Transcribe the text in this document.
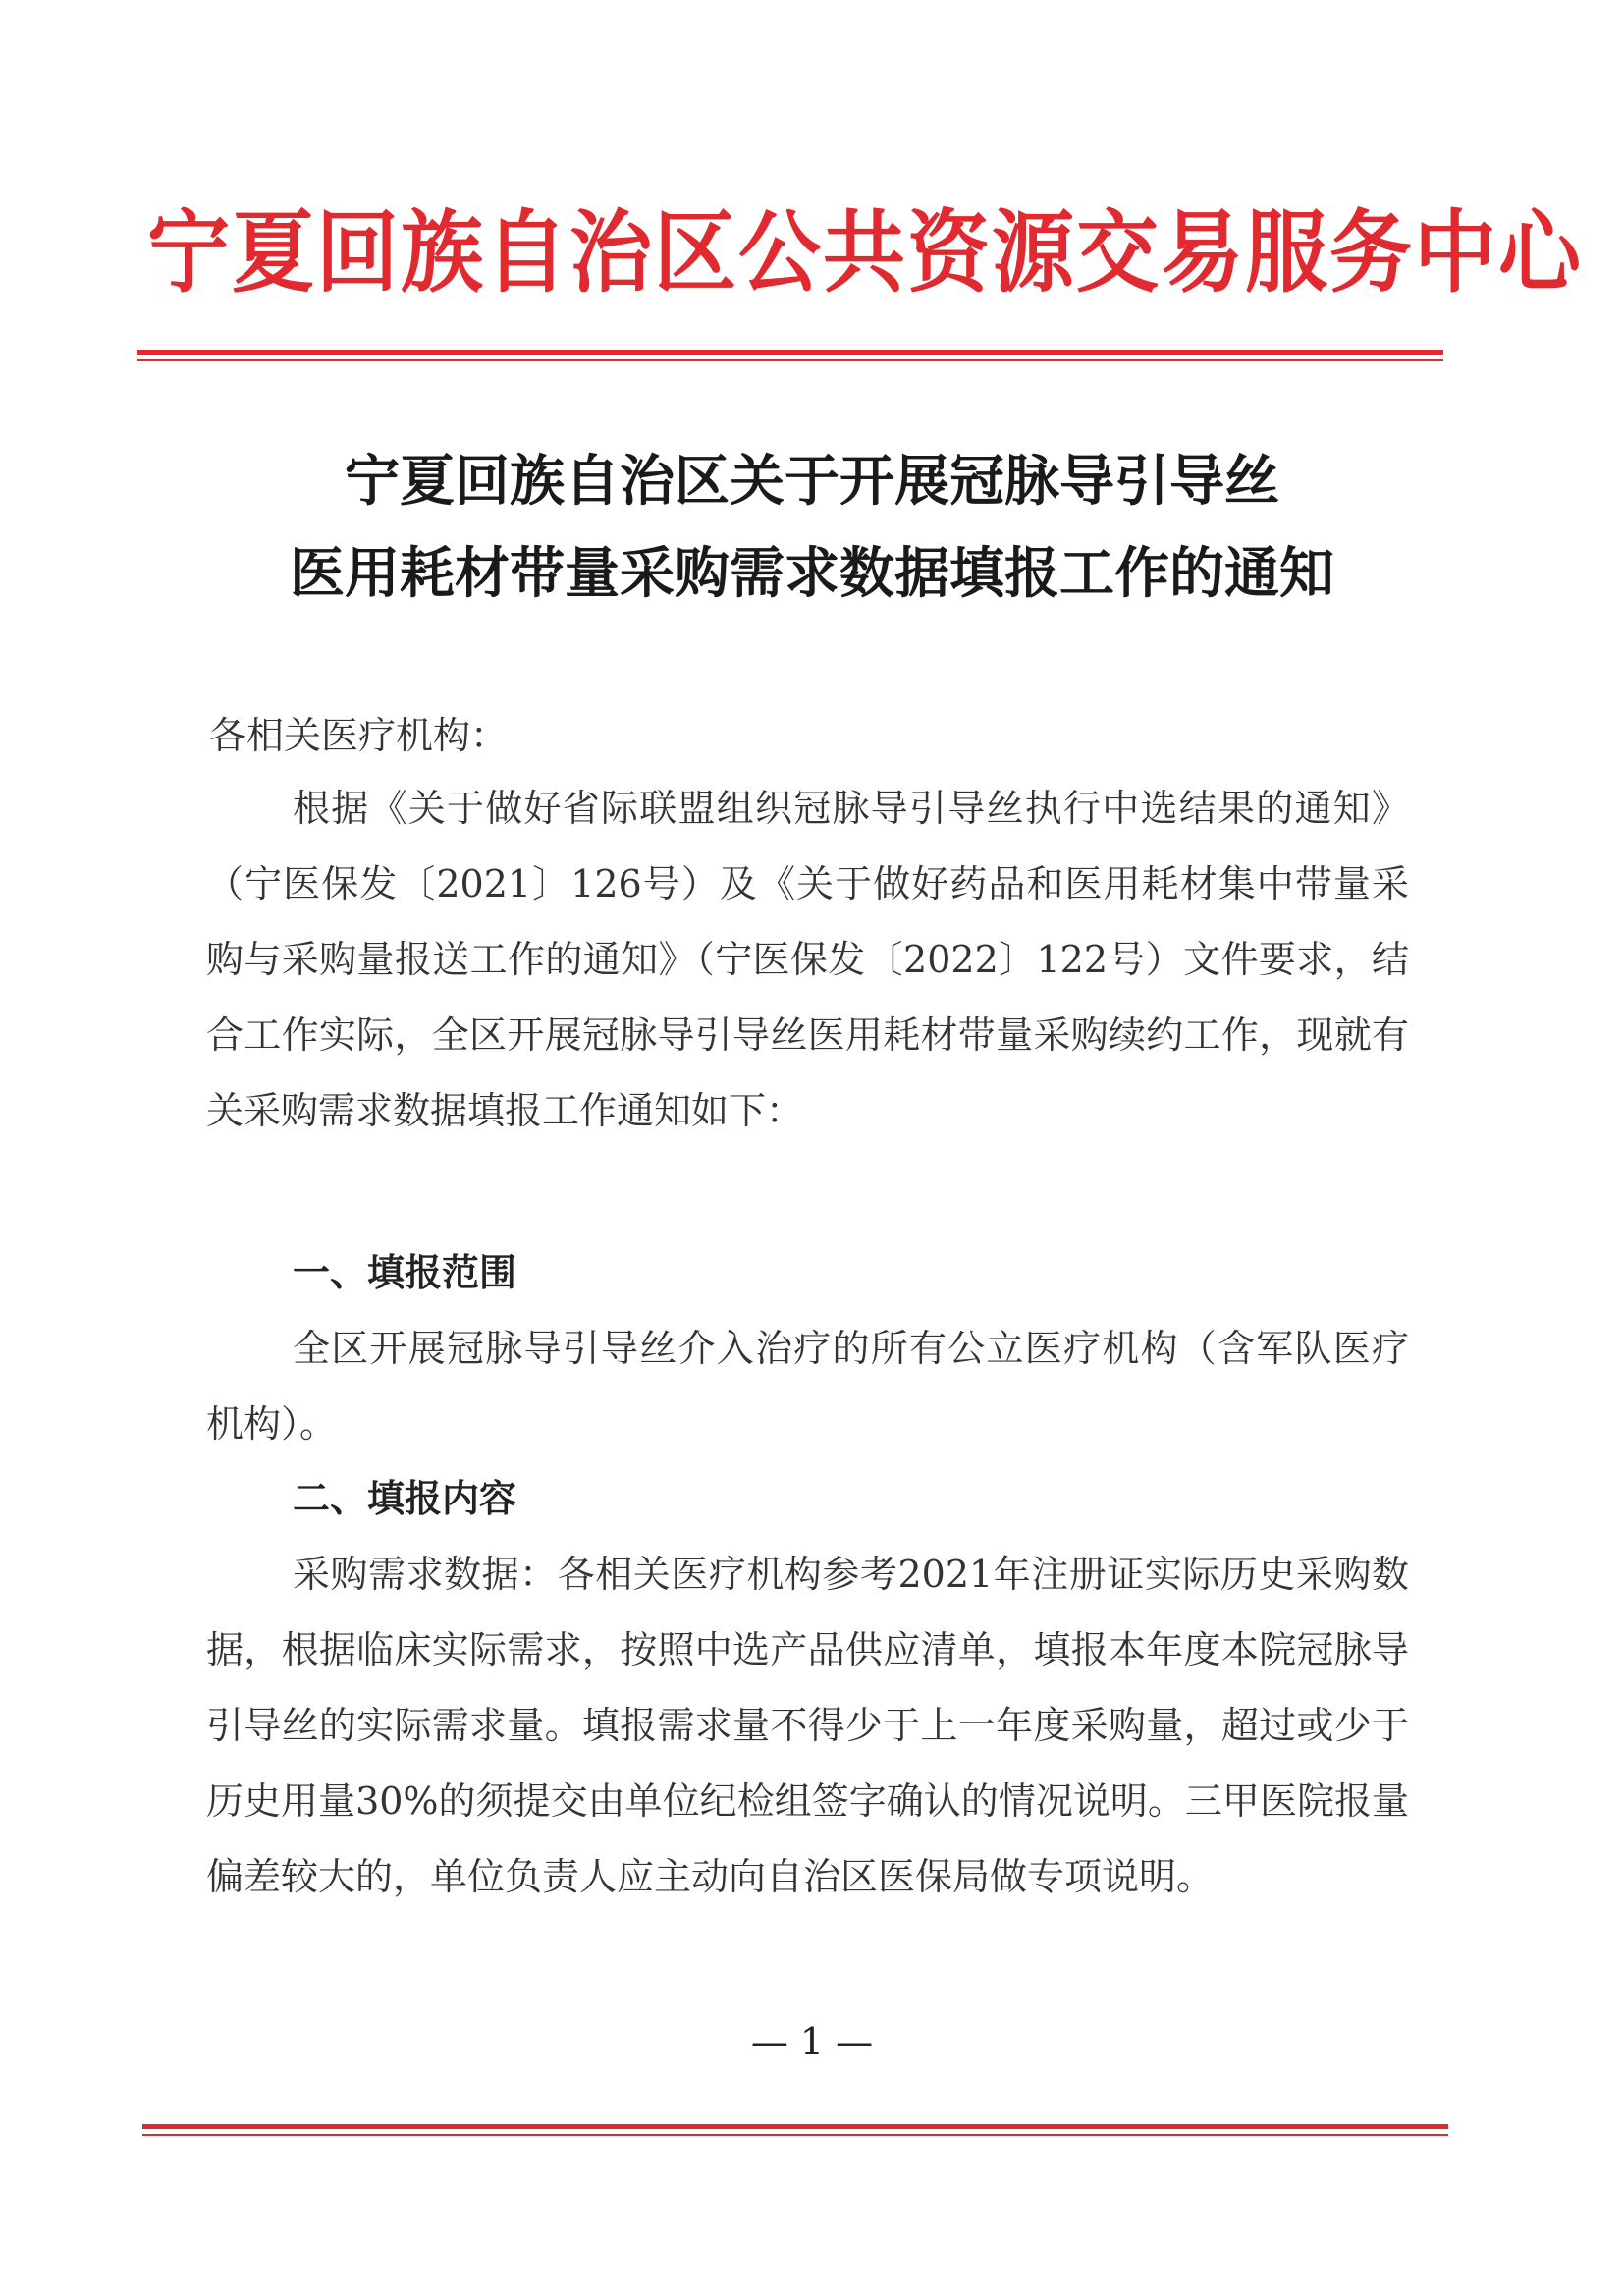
宁夏回族自治区公共资源交易服务中心
宁夏回族自治区关于开展冠脉导引导丝
医用耗材带量采购需求数据填报工作的通知
各相关医疗机构：

根据《关于做好省际联盟组织冠脉导引导丝执行中选结果的通知》（宁医保发〔2021〕126号）及《关于做好药品和医用耗材集中带量采购与采购量报送工作的通知》（宁医保发〔2022〕122号）文件要求，结合工作实际，全区开展冠脉导引导丝医用耗材带量采购续约工作，现就有关采购需求数据填报工作通知如下：

一、填报范围

全区开展冠脉导引导丝介入治疗的所有公立医疗机构（含军队医疗机构）。

二、填报内容

采购需求数据：各相关医疗机构参考2021年注册证实际历史采购数据，根据临床实际需求，按照中选产品供应清单，填报本年度本院冠脉导引导丝的实际需求量。填报需求量不得少于上一年度采购量，超过或少于历史用量30%的须提交由单位纪检组签字确认的情况说明。三甲医院报量偏差较大的，单位负责人应主动向自治区医保局做专项说明。

— 1 —
